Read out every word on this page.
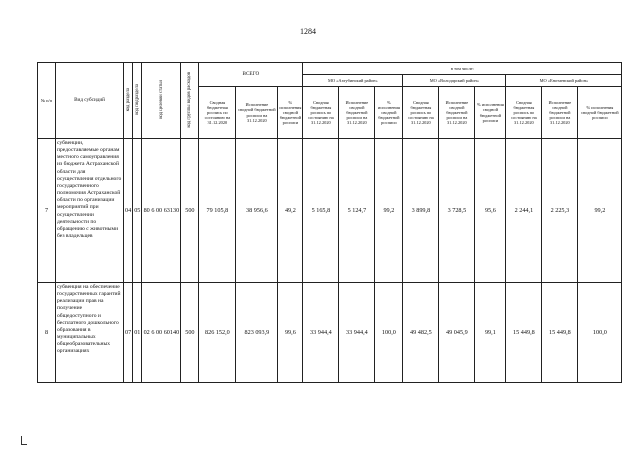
1284
№ п/п	Вид субсидий	код раздела	код подраздела	код целевой статьи	код группы видов расходов	ВСЕГО			в том числе:								
									МО «Ахтубинский район»			МО «Володарский район»			МО «Енотаевский район»		
						Сводная бюджетная роспись по состоянию на 31.12.2020	Исполнение сводной бюджетной росписи на 31.12.2020	% исполнения сводной бюджетной росписи	Сводная бюджетная роспись по состоянию на 31.12.2020	Исполнение сводной бюджетной росписи на 31.12.2020	% исполнения сводной бюджетной росписи	Сводная бюджетная роспись по состоянию на 31.12.2020	Исполнение сводной бюджетной росписи на 31.12.2020	% исполнения сводной бюджетной росписи	Сводная бюджетная роспись по состоянию на 31.12.2020	Исполнение сводной бюджетной росписи на 31.12.2020	% исполнения сводной бюджетной росписи
7	субвенции, предоставляемые органам местного самоуправления из бюджета Астраханской области для осуществления отдельного государственного полномочия Астраханской области по организации мероприятий при осуществлении деятельности по обращению с животными без владельцев	04	05	80 6 00 63130	500	79 105,8	38 956,6	49,2	5 165,8	5 124,7	99,2	3 899,8	3 728,5	95,6	2 244,1	2 225,3	99,2
8	субвенция на обеспечение государственных гарантий реализации прав на получение общедоступного и бесплатного дошкольного образования в муниципальных общеобразовательных организациях	07	01	02 6 00 60140	500	826 152,0	823 093,9	99,6	33 944,4	33 944,4	100,0	49 482,5	49 045,9	99,1	15 449,8	15 449,8	100,0
